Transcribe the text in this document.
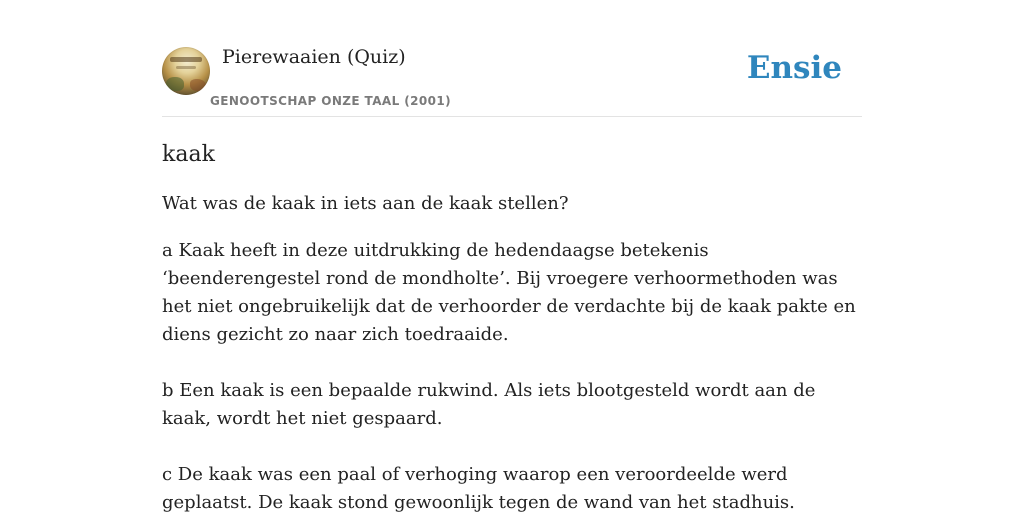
Pierewaaien (Quiz)
GENOOTSCHAP ONZE TAAL (2001)
Ensie
kaak

Wat was de kaak in iets aan de kaak stellen?

a Kaak heeft in deze uitdrukking de hedendaagse betekenis ‘beenderengestel rond de mondholte’. Bij vroegere verhoormethoden was het niet ongebruikelijk dat de verhoorder de verdachte bij de kaak pakte en diens gezicht zo naar zich toedraaide.

b Een kaak is een bepaalde rukwind. Als iets blootgesteld wordt aan de kaak, wordt het niet gespaard.

c De kaak was een paal of verhoging waarop een veroordeelde werd geplaatst. De kaak stond gewoonlijk tegen de wand van het stadhuis.
